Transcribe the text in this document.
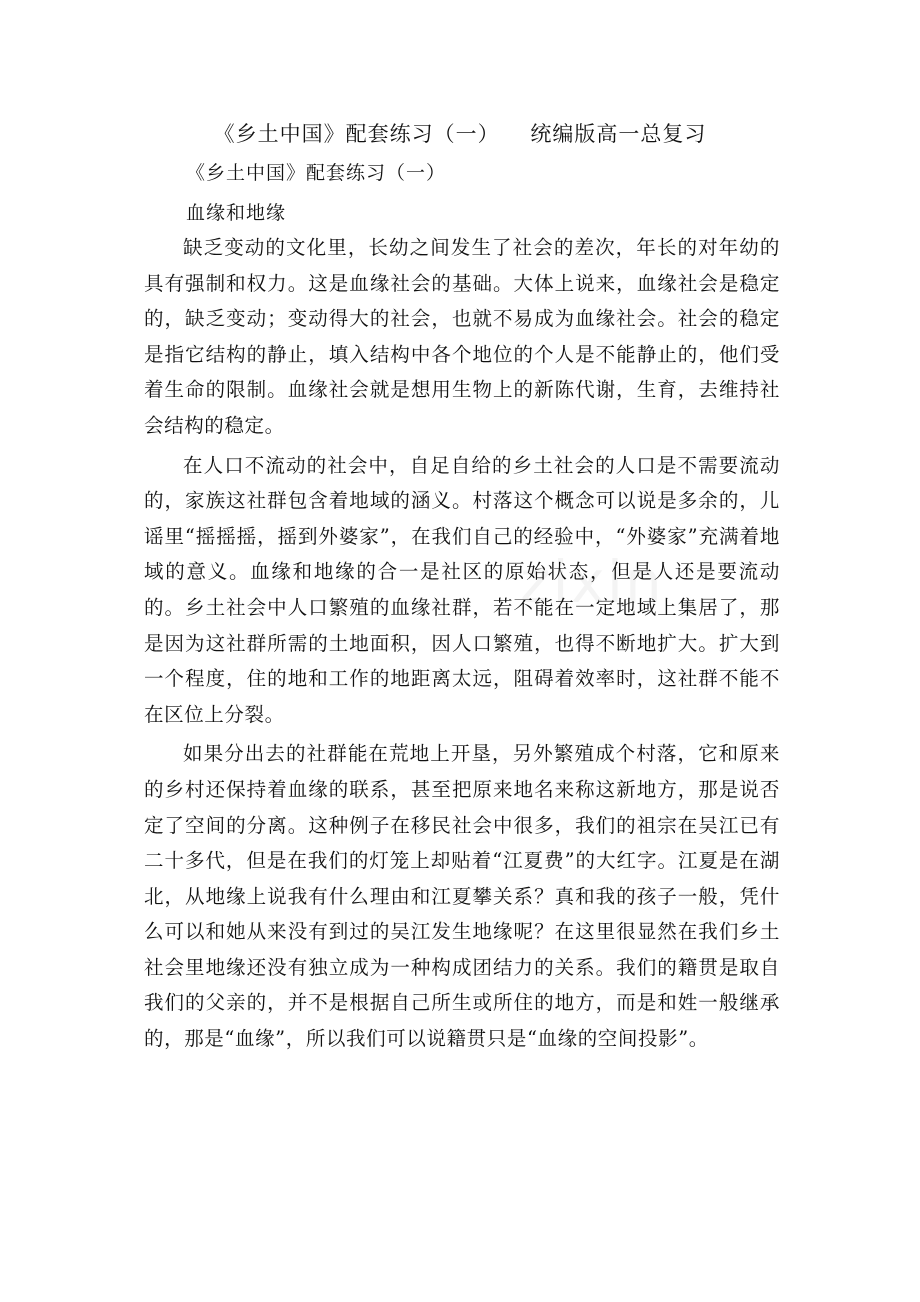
《乡土中国》配套练习（一）    统编版高一总复习
《乡土中国》配套练习（一）
血缘和地缘

缺乏变动的文化里，长幼之间发生了社会的差次，年长的对年幼的具有强制和权力。这是血缘社会的基础。大体上说来，血缘社会是稳定的，缺乏变动；变动得大的社会，也就不易成为血缘社会。社会的稳定是指它结构的静止，填入结构中各个地位的个人是不能静止的，他们受着生命的限制。血缘社会就是想用生物上的新陈代谢，生育，去维持社会结构的稳定。

在人口不流动的社会中，自足自给的乡土社会的人口是不需要流动的，家族这社群包含着地域的涵义。村落这个概念可以说是多余的，儿谣里“摇摇摇，摇到外婆家”，在我们自己的经验中，“外婆家”充满着地域的意义。血缘和地缘的合一是社区的原始状态，但是人还是要流动的。乡土社会中人口繁殖的血缘社群，若不能在一定地域上集居了，那是因为这社群所需的土地面积，因人口繁殖，也得不断地扩大。扩大到一个程度，住的地和工作的地距离太远，阻碍着效率时，这社群不能不在区位上分裂。

如果分出去的社群能在荒地上开垦，另外繁殖成个村落，它和原来的乡村还保持着血缘的联系，甚至把原来地名来称这新地方，那是说否定了空间的分离。这种例子在移民社会中很多，我们的祖宗在吴江已有二十多代，但是在我们的灯笼上却贴着“江夏费”的大红字。江夏是在湖北，从地缘上说我有什么理由和江夏攀关系？真和我的孩子一般，凭什么可以和她从来没有到过的吴江发生地缘呢？在这里很显然在我们乡土社会里地缘还没有独立成为一种构成团结力的关系。我们的籍贯是取自我们的父亲的，并不是根据自己所生或所住的地方，而是和姓一般继承的，那是“血缘”，所以我们可以说籍贯只是“血缘的空间投影”。
